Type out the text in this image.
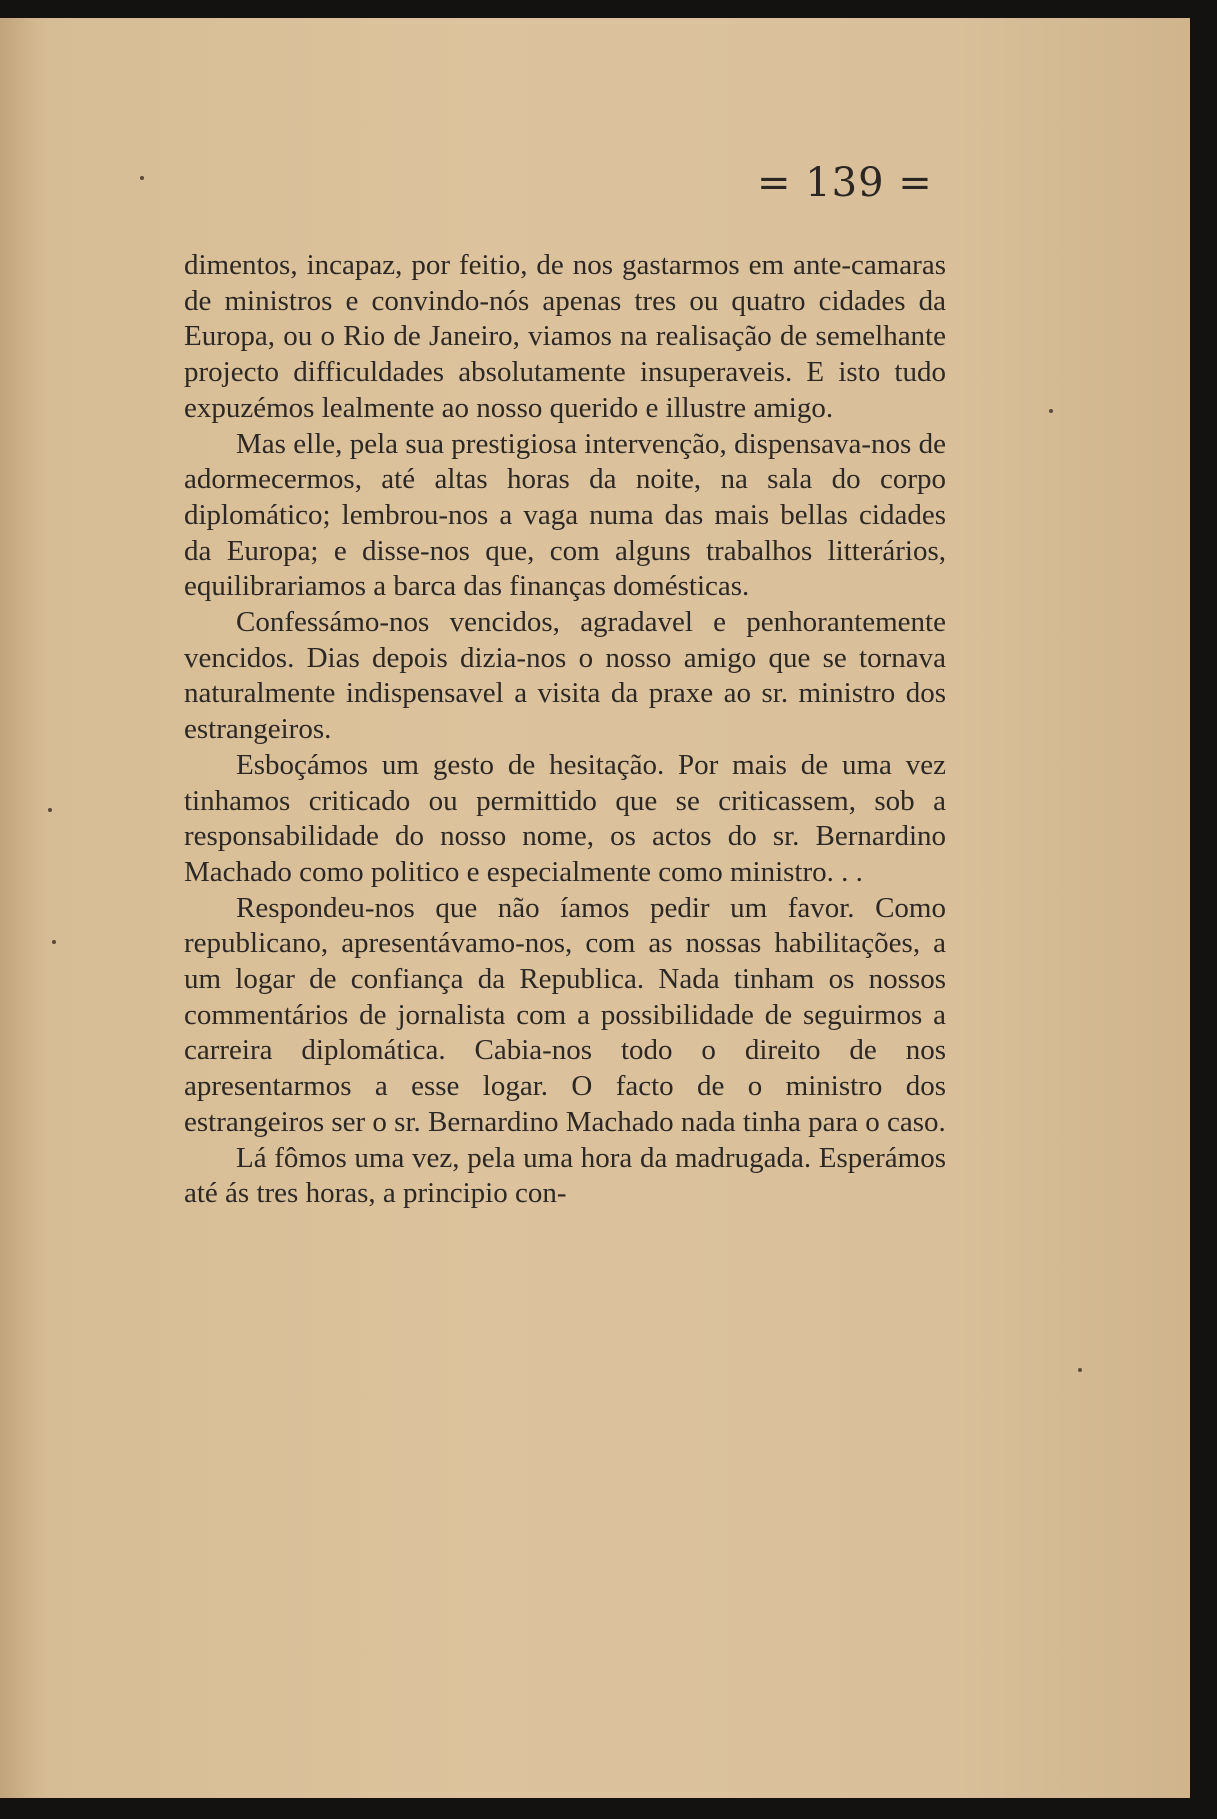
= 139 =

dimentos, incapaz, por feitio, de nos gastarmos em ante-camaras de ministros e convindo-nós apenas tres ou quatro cidades da Europa, ou o Rio de Janeiro, viamos na realisação de semelhante projecto difficuldades absolutamente insuperaveis. E isto tudo expuzémos lealmente ao nosso querido e illustre amigo.

Mas elle, pela sua prestigiosa intervenção, dispensava-nos de adormecermos, até altas horas da noite, na sala do corpo diplomático; lembrou-nos a vaga numa das mais bellas cidades da Europa; e disse-nos que, com alguns trabalhos litterários, equilibrariamos a barca das finanças domésticas.

Confessámo-nos vencidos, agradavel e penhorantemente vencidos. Dias depois dizia-nos o nosso amigo que se tornava naturalmente indispensavel a visita da praxe ao sr. ministro dos estrangeiros.

Esboçámos um gesto de hesitação. Por mais de uma vez tinhamos criticado ou permittido que se criticassem, sob a responsabilidade do nosso nome, os actos do sr. Bernardino Machado como politico e especialmente como ministro. . .

Respondeu-nos que não íamos pedir um favor. Como republicano, apresentávamo-nos, com as nossas habilitações, a um logar de confiança da Republica. Nada tinham os nossos commentários de jornalista com a possibilidade de seguirmos a carreira diplomática. Cabia-nos todo o direito de nos apresentarmos a esse logar. O facto de o ministro dos estrangeiros ser o sr. Bernardino Machado nada tinha para o caso.

Lá fômos uma vez, pela uma hora da madrugada. Esperámos até ás tres horas, a principio con-
